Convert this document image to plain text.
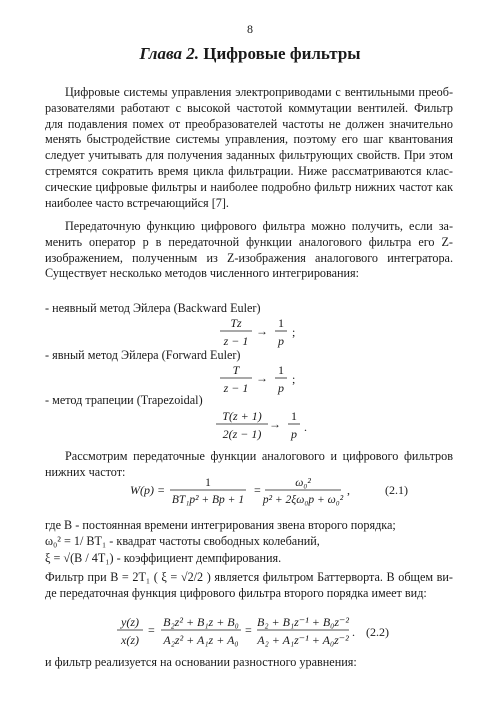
8
Глава 2. Цифровые фильтры
Цифровые системы управления электроприводами с вентильными преоб-
разователями работают с высокой частотой коммутации вентилей. Фильтр
для подавления помех от преобразователей частоты не должен значительно
менять быстродействие системы управления, поэтому его шаг квантования
следует учитывать для получения заданных фильтрующих свойств. При этом
стремятся сократить время цикла фильтрации. Ниже рассматриваются клас-
сические цифровые фильтры и наиболее подробно фильтр нижних частот как
наиболее часто встречающийся [7].
Передаточную функцию цифрового фильтра можно получить, если за-
менить оператор p в передаточной функции аналогового фильтра его Z-
изображением, полученным из Z-изображения аналогового интегратора.
Существует несколько методов численного интегрирования:
- неявный метод Эйлера (Backward Euler)
Tz
z − 1
→
1
p
;
- явный метод Эйлера (Forward Euler)
T
z − 1
→
1
p
;
- метод трапеции (Trapezoidal)
T(z + 1)
2(z − 1)
→
1
p .
Рассмотрим передаточные функции аналогового и цифрового фильтров
нижних частот:
W(p) =	1
BT₁p² + Bp + 1
=	ω₀²
p² + 2ξω₀p + ω₀²
,	(2.1)
где B - постоянная времени интегрирования звена второго порядка;
ω₀² = 1/ BT₁ - квадрат частоты свободных колебаний,
ξ = √(B / 4T₁) - коэффициент демпфирования.
Фильтр при B = 2T₁ ( ξ = √2/2 ) является фильтром Баттерворта. В общем ви-
де передаточная функция цифрового фильтра второго порядка имеет вид:
y(z)
x(z)
=
B₂z² + B₁z + B₀
A₂z² + A₁z + A₀
=
B₂ + B₁z⁻¹ + B₀z⁻²
A₂ + A₁z⁻¹ + A₀z⁻²
. (2.2)
и фильтр реализуется на основании разностного уравнения:
